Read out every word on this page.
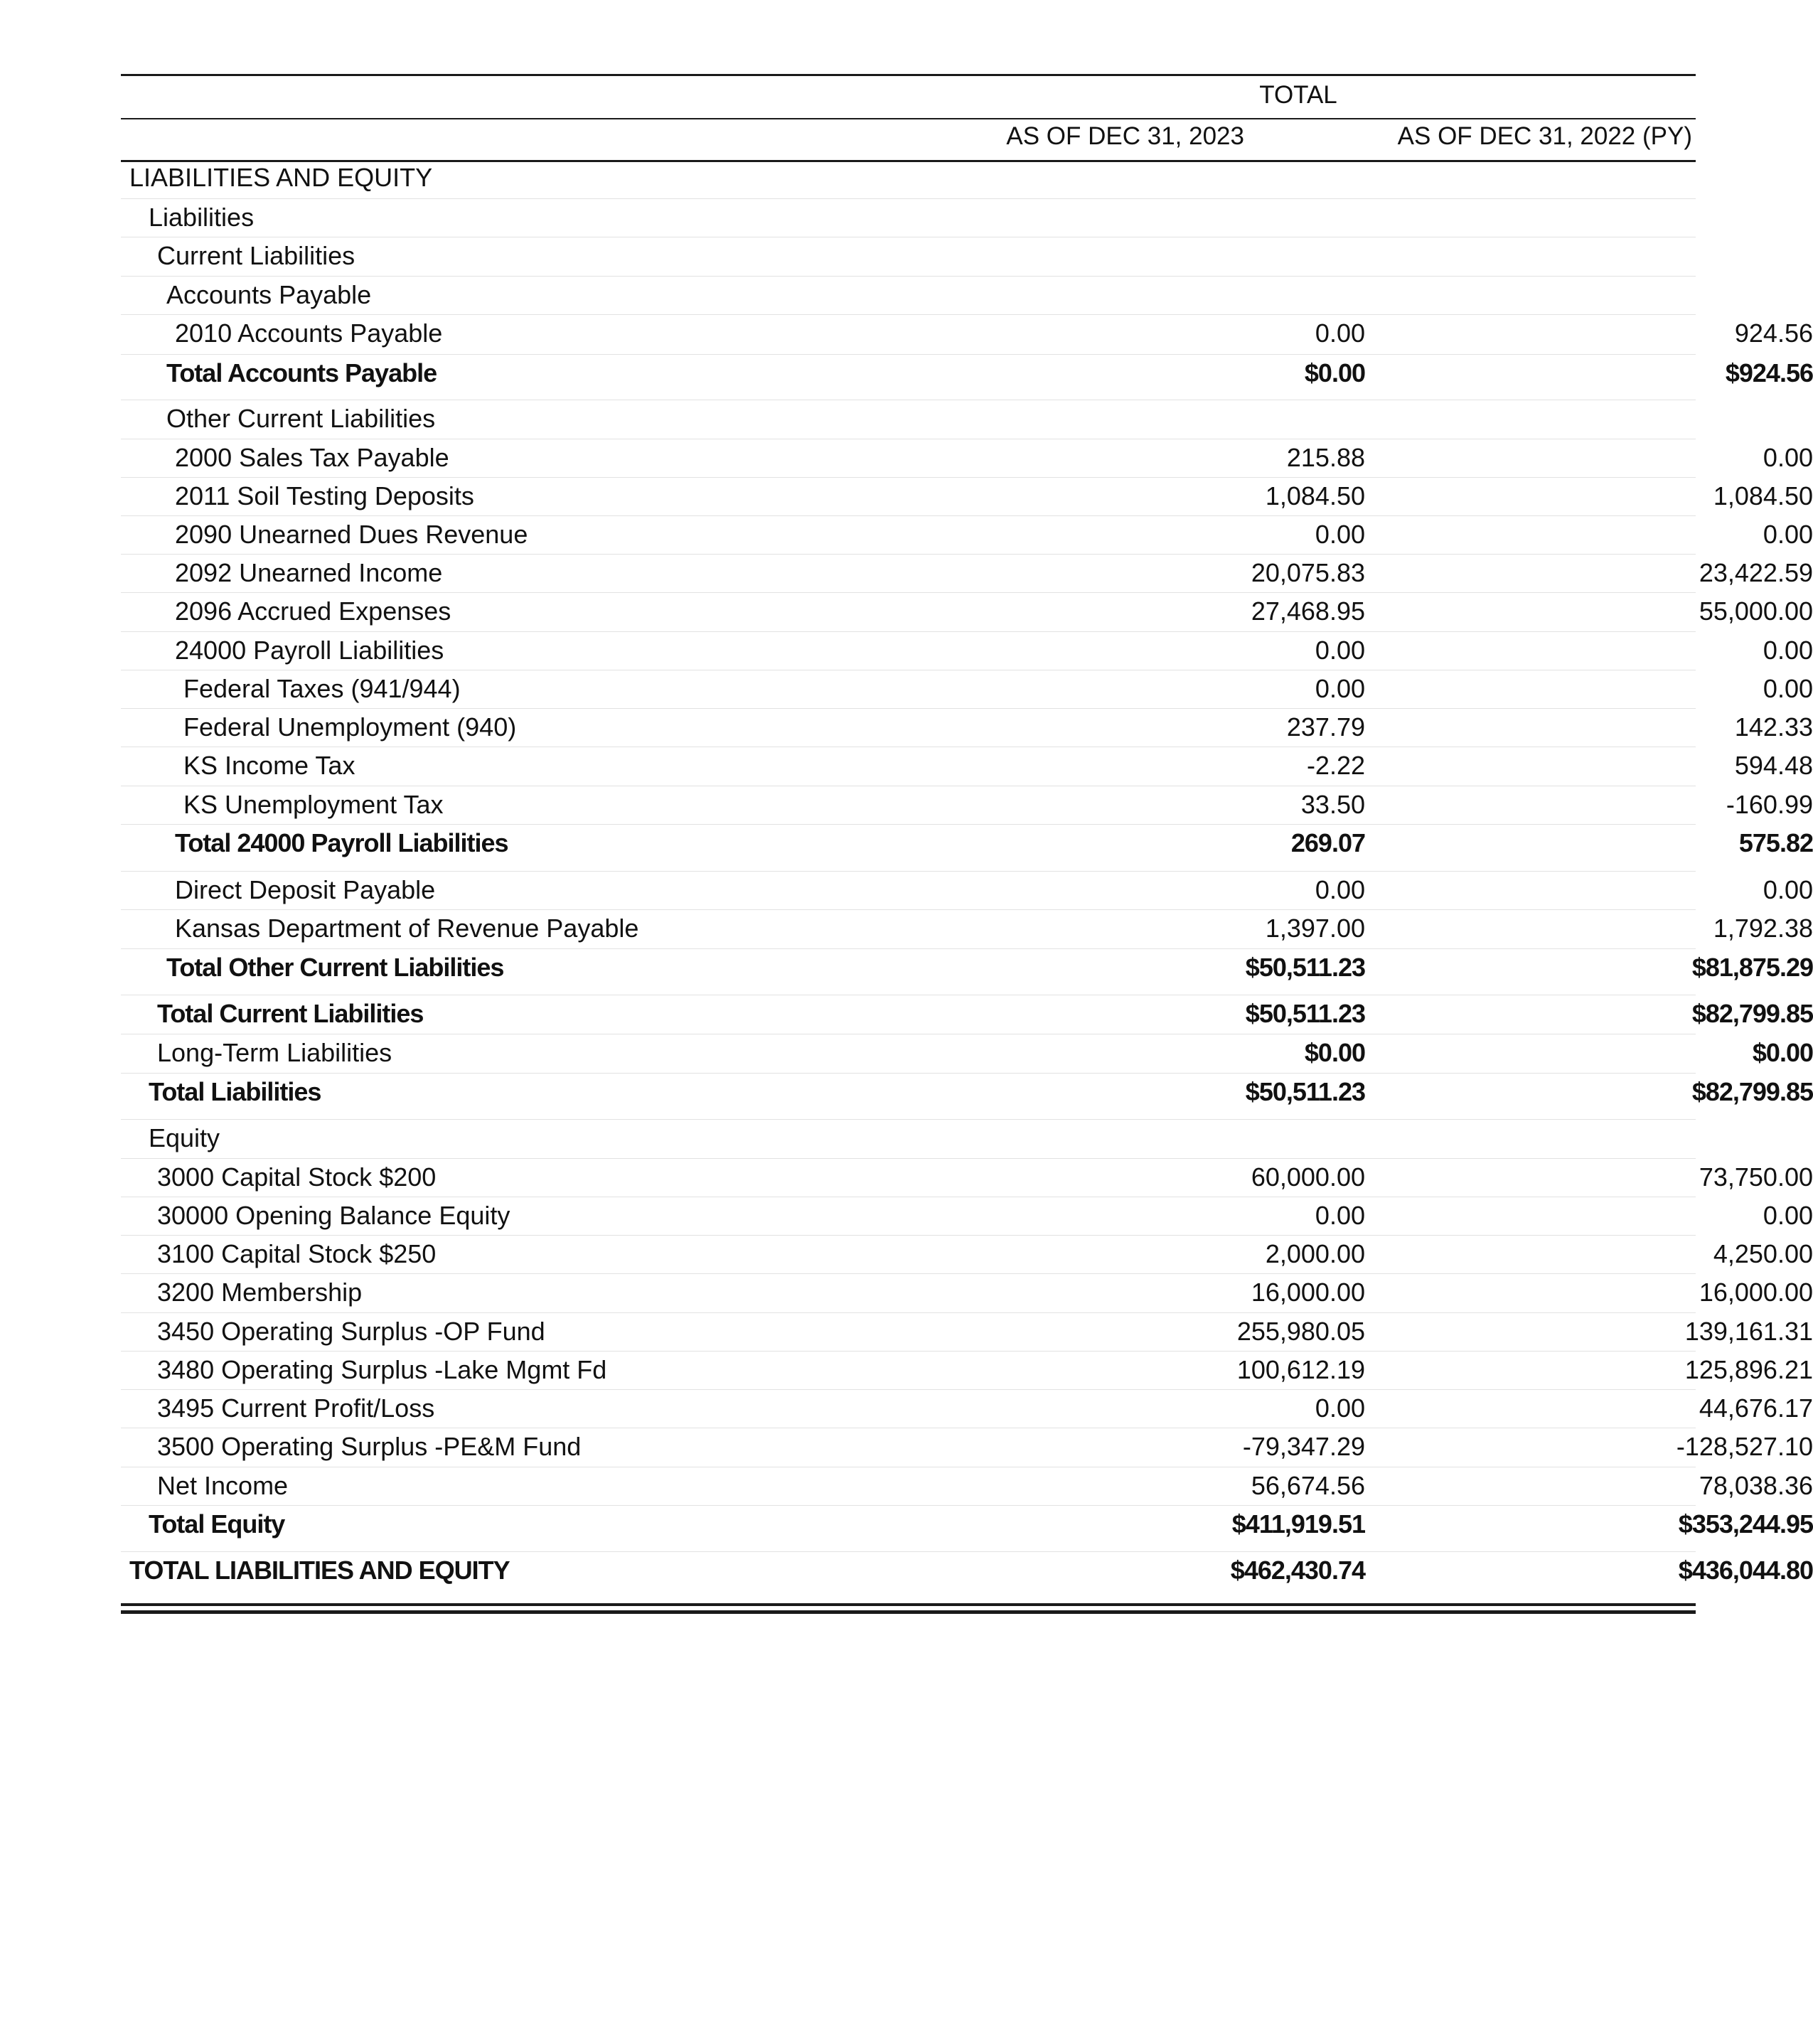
TOTAL
AS OF DEC 31, 2023	AS OF DEC 31, 2022 (PY)
LIABILITIES AND EQUITY
Liabilities
Current Liabilities
Accounts Payable
2010 Accounts Payable	0.00	924.56
Total Accounts Payable	$0.00	$924.56
Other Current Liabilities
2000 Sales Tax Payable	215.88	0.00
2011 Soil Testing Deposits	1,084.50	1,084.50
2090 Unearned Dues Revenue	0.00	0.00
2092 Unearned Income	20,075.83	23,422.59
2096 Accrued Expenses	27,468.95	55,000.00
24000 Payroll Liabilities	0.00	0.00
Federal Taxes (941/944)	0.00	0.00
Federal Unemployment (940)	237.79	142.33
KS Income Tax	-2.22	594.48
KS Unemployment Tax	33.50	-160.99
Total 24000 Payroll Liabilities	269.07	575.82
Direct Deposit Payable	0.00	0.00
Kansas Department of Revenue Payable	1,397.00	1,792.38
Total Other Current Liabilities	$50,511.23	$81,875.29
Total Current Liabilities	$50,511.23	$82,799.85
Long-Term Liabilities	$0.00	$0.00
Total Liabilities	$50,511.23	$82,799.85
Equity
3000 Capital Stock $200	60,000.00	73,750.00
30000 Opening Balance Equity	0.00	0.00
3100 Capital Stock $250	2,000.00	4,250.00
3200 Membership	16,000.00	16,000.00
3450 Operating Surplus -OP Fund	255,980.05	139,161.31
3480 Operating Surplus -Lake Mgmt Fd	100,612.19	125,896.21
3495 Current Profit/Loss	0.00	44,676.17
3500 Operating Surplus -PE&M Fund	-79,347.29	-128,527.10
Net Income	56,674.56	78,038.36
Total Equity	$411,919.51	$353,244.95
TOTAL LIABILITIES AND EQUITY	$462,430.74	$436,044.80
